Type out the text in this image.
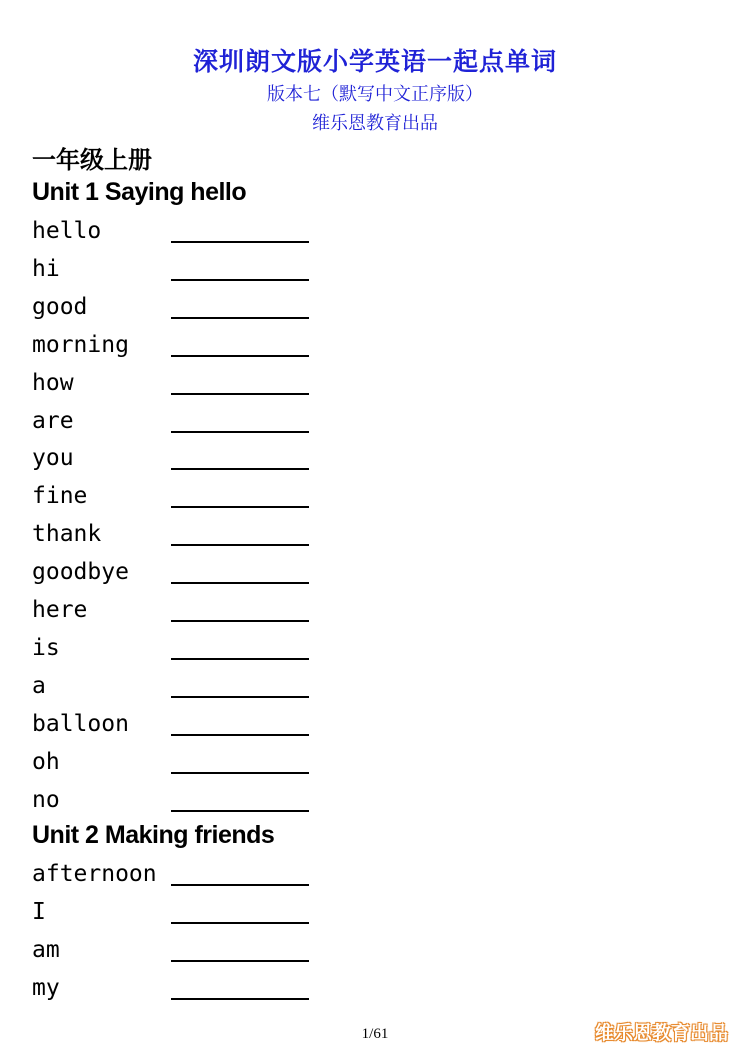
深圳朗文版小学英语一起点单词
版本七（默写中文正序版）
维乐恩教育出品
一年级上册
Unit 1 Saying hello
hello
hi
good
morning
how
are
you
fine
thank
goodbye
here
is
a
balloon
oh
no
Unit 2 Making friends
afternoon
I
am
my
1/61	维乐恩教育出品
